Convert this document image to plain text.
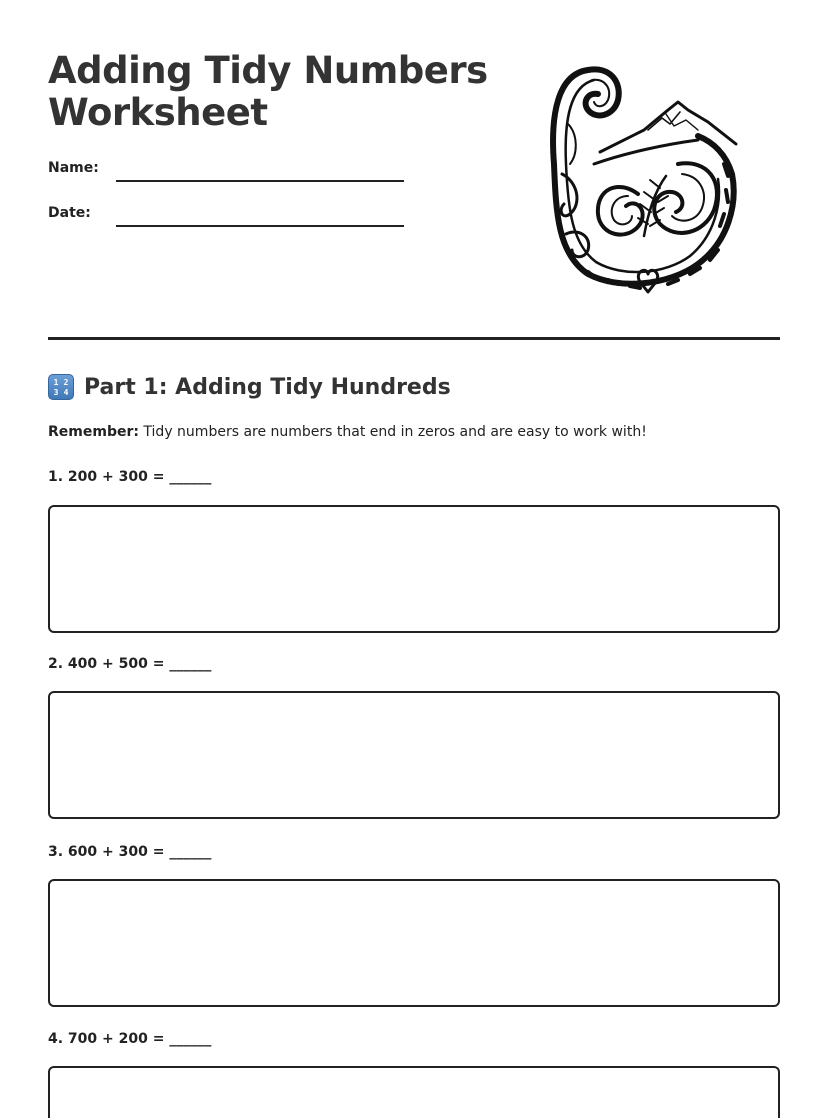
Adding Tidy Numbers Worksheet
Name:
Date:
1 2
3 4 Part 1: Adding Tidy Hundreds

Remember: Tidy numbers are numbers that end in zeros and are easy to work with!

1. 200 + 300 = ______

2. 400 + 500 = ______

3. 600 + 300 = ______

4. 700 + 200 = ______
